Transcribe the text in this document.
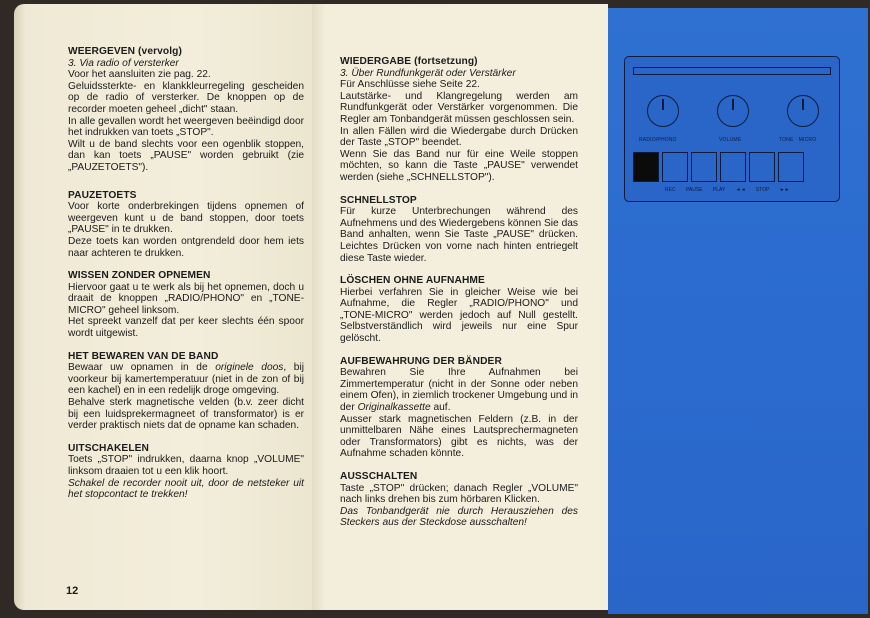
WEERGEVEN (vervolg)

3. Via radio of versterker

Voor het aansluiten zie pag. 22.

Geluidssterkte- en klankkleurregeling gescheiden op de radio of versterker. De knoppen op de recorder moeten geheel „dicht" staan.

In alle gevallen wordt het weergeven beëindigd door het indrukken van toets „STOP".

Wilt u de band slechts voor een ogenblik stoppen, dan kan toets „PAUSE" worden gebruikt (zie „PAUZETOETS").

PAUZETOETS

Voor korte onderbrekingen tijdens opnemen of weergeven kunt u de band stoppen, door toets „PAUSE" in te drukken.

Deze toets kan worden ontgrendeld door hem iets naar achteren te drukken.

WISSEN ZONDER OPNEMEN

Hiervoor gaat u te werk als bij het opnemen, doch u draait de knoppen „RADIO/PHONO" en „TONE-MICRO" geheel linksom.

Het spreekt vanzelf dat per keer slechts één spoor wordt uitgewist.

HET BEWAREN VAN DE BAND

Bewaar uw opnamen in de originele doos, bij voorkeur bij kamertemperatuur (niet in de zon of bij een kachel) en in een redelijk droge omgeving.

Behalve sterk magnetische velden (b.v. zeer dicht bij een luidsprekermagneet of transformator) is er verder praktisch niets dat de opname kan schaden.

UITSCHAKELEN

Toets „STOP" indrukken, daarna knop „VOLUME" linksom draaien tot u een klik hoort.

Schakel de recorder nooit uit, door de netsteker uit het stopcontact te trekken!

12
WIEDERGABE (fortsetzung)

3. Über Rundfunkgerät oder Verstärker

Für Anschlüsse siehe Seite 22.

Lautstärke- und Klangregelung werden am Rundfunkgerät oder Verstärker vorgenommen. Die Regler am Tonbandgerät müssen geschlossen sein.

In allen Fällen wird die Wiedergabe durch Drücken der Taste „STOP" beendet.

Wenn Sie das Band nur für eine Weile stoppen möchten, so kann die Taste „PAUSE" verwendet werden (siehe „SCHNELLSTOP").

SCHNELLSTOP

Für kurze Unterbrechungen während des Aufnehmens und des Wiedergebens können Sie das Band anhalten, wenn Sie Taste „PAUSE" drücken. Leichtes Drücken von vorne nach hinten entriegelt diese Taste wieder.

LÖSCHEN OHNE AUFNAHME

Hierbei verfahren Sie in gleicher Weise wie bei Aufnahme, die Regler „RADIO/PHONO" und „TONE-MICRO" werden jedoch auf Null gestellt. Selbstverständlich wird jeweils nur eine Spur gelöscht.

AUFBEWAHRUNG DER BÄNDER

Bewahren Sie Ihre Aufnahmen bei Zimmertemperatur (nicht in der Sonne oder neben einem Ofen), in ziemlich trockener Umgebung und in der Originalkassette auf.

Ausser stark magnetischen Feldern (z.B. in der unmittelbaren Nähe eines Lautsprechermagneten oder Transformators) gibt es nichts, was der Aufnahme schaden könnte.

AUSSCHALTEN

Taste „STOP" drücken; danach Regler „VOLUME" nach links drehen bis zum hörbaren Klicken.

Das Tonbandgerät nie durch Herausziehen des Steckers aus der Steckdose ausschalten!

RADIO/PHONO	VOLUME	TONE · MICRO
REC PAUSE PLAY ◄◄ STOP ►►
